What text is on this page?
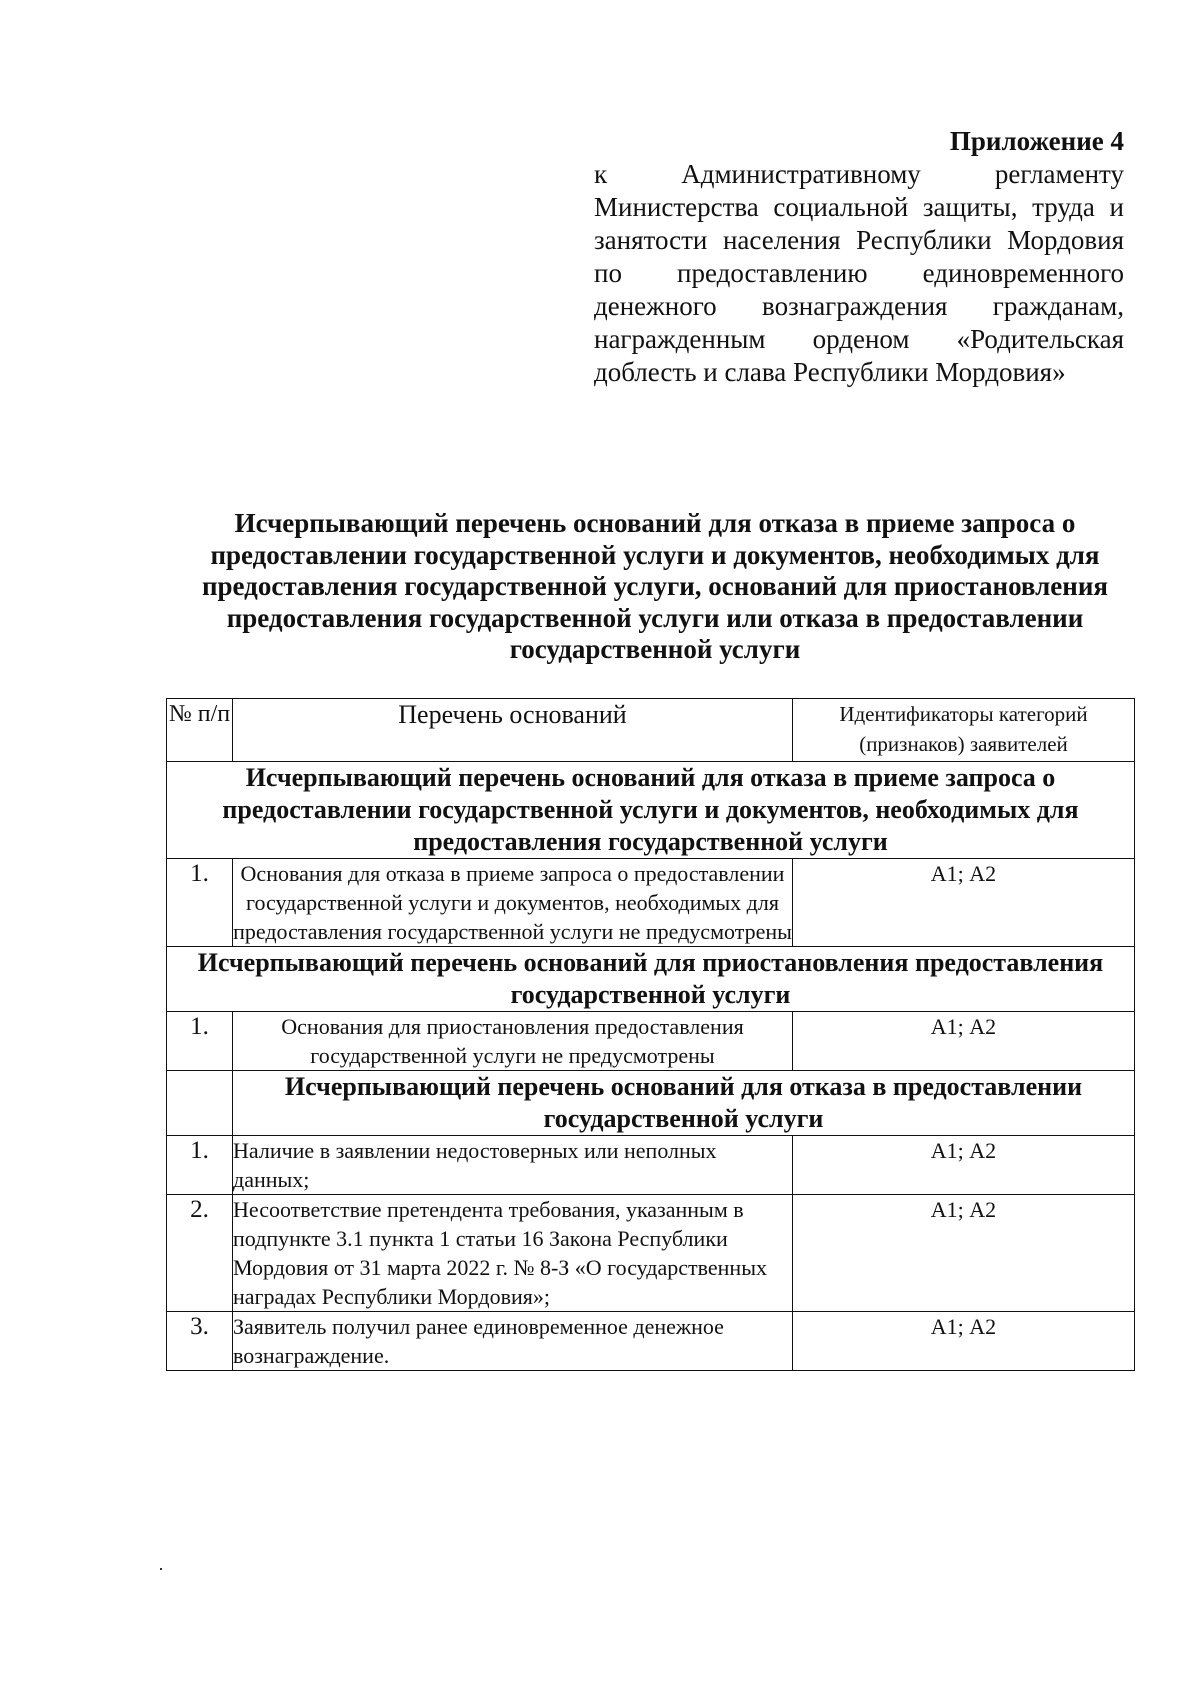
Приложение 4
к Административному регламенту Министерства социальной защиты, труда и занятости населения Республики Мордовия по предоставлению единовременного денежного вознаграждения гражданам, награжденным орденом «Родительская доблесть и слава Республики Мордовия»
Исчерпывающий перечень оснований для отказа в приеме запроса о предоставлении государственной услуги и документов, необходимых для предоставления государственной услуги, оснований для приостановления предоставления государственной услуги или отказа в предоставлении государственной услуги
№ п/п	Перечень оснований	Идентификаторы категорий (признаков) заявителей
Исчерпывающий перечень оснований для отказа в приеме запроса о предоставлении государственной услуги и документов, необходимых для предоставления государственной услуги		
1.	Основания для отказа в приеме запроса о предоставлении государственной услуги и документов, необходимых для предоставления государственной услуги не предусмотрены	А1; А2
Исчерпывающий перечень оснований для приостановления предоставления государственной услуги		
1.	Основания для приостановления предоставления государственной услуги не предусмотрены	А1; А2
	Исчерпывающий перечень оснований для отказа в предоставлении государственной услуги	
1.	Наличие в заявлении недостоверных или неполных данных;	А1; А2
2.	Несоответствие претендента требования, указанным в подпункте 3.1 пункта 1 статьи 16 Закона Республики Мордовия от 31 марта 2022 г. № 8-З «О государственных наградах Республики Мордовия»;	А1; А2
3.	Заявитель получил ранее единовременное денежное вознаграждение.	А1; А2
